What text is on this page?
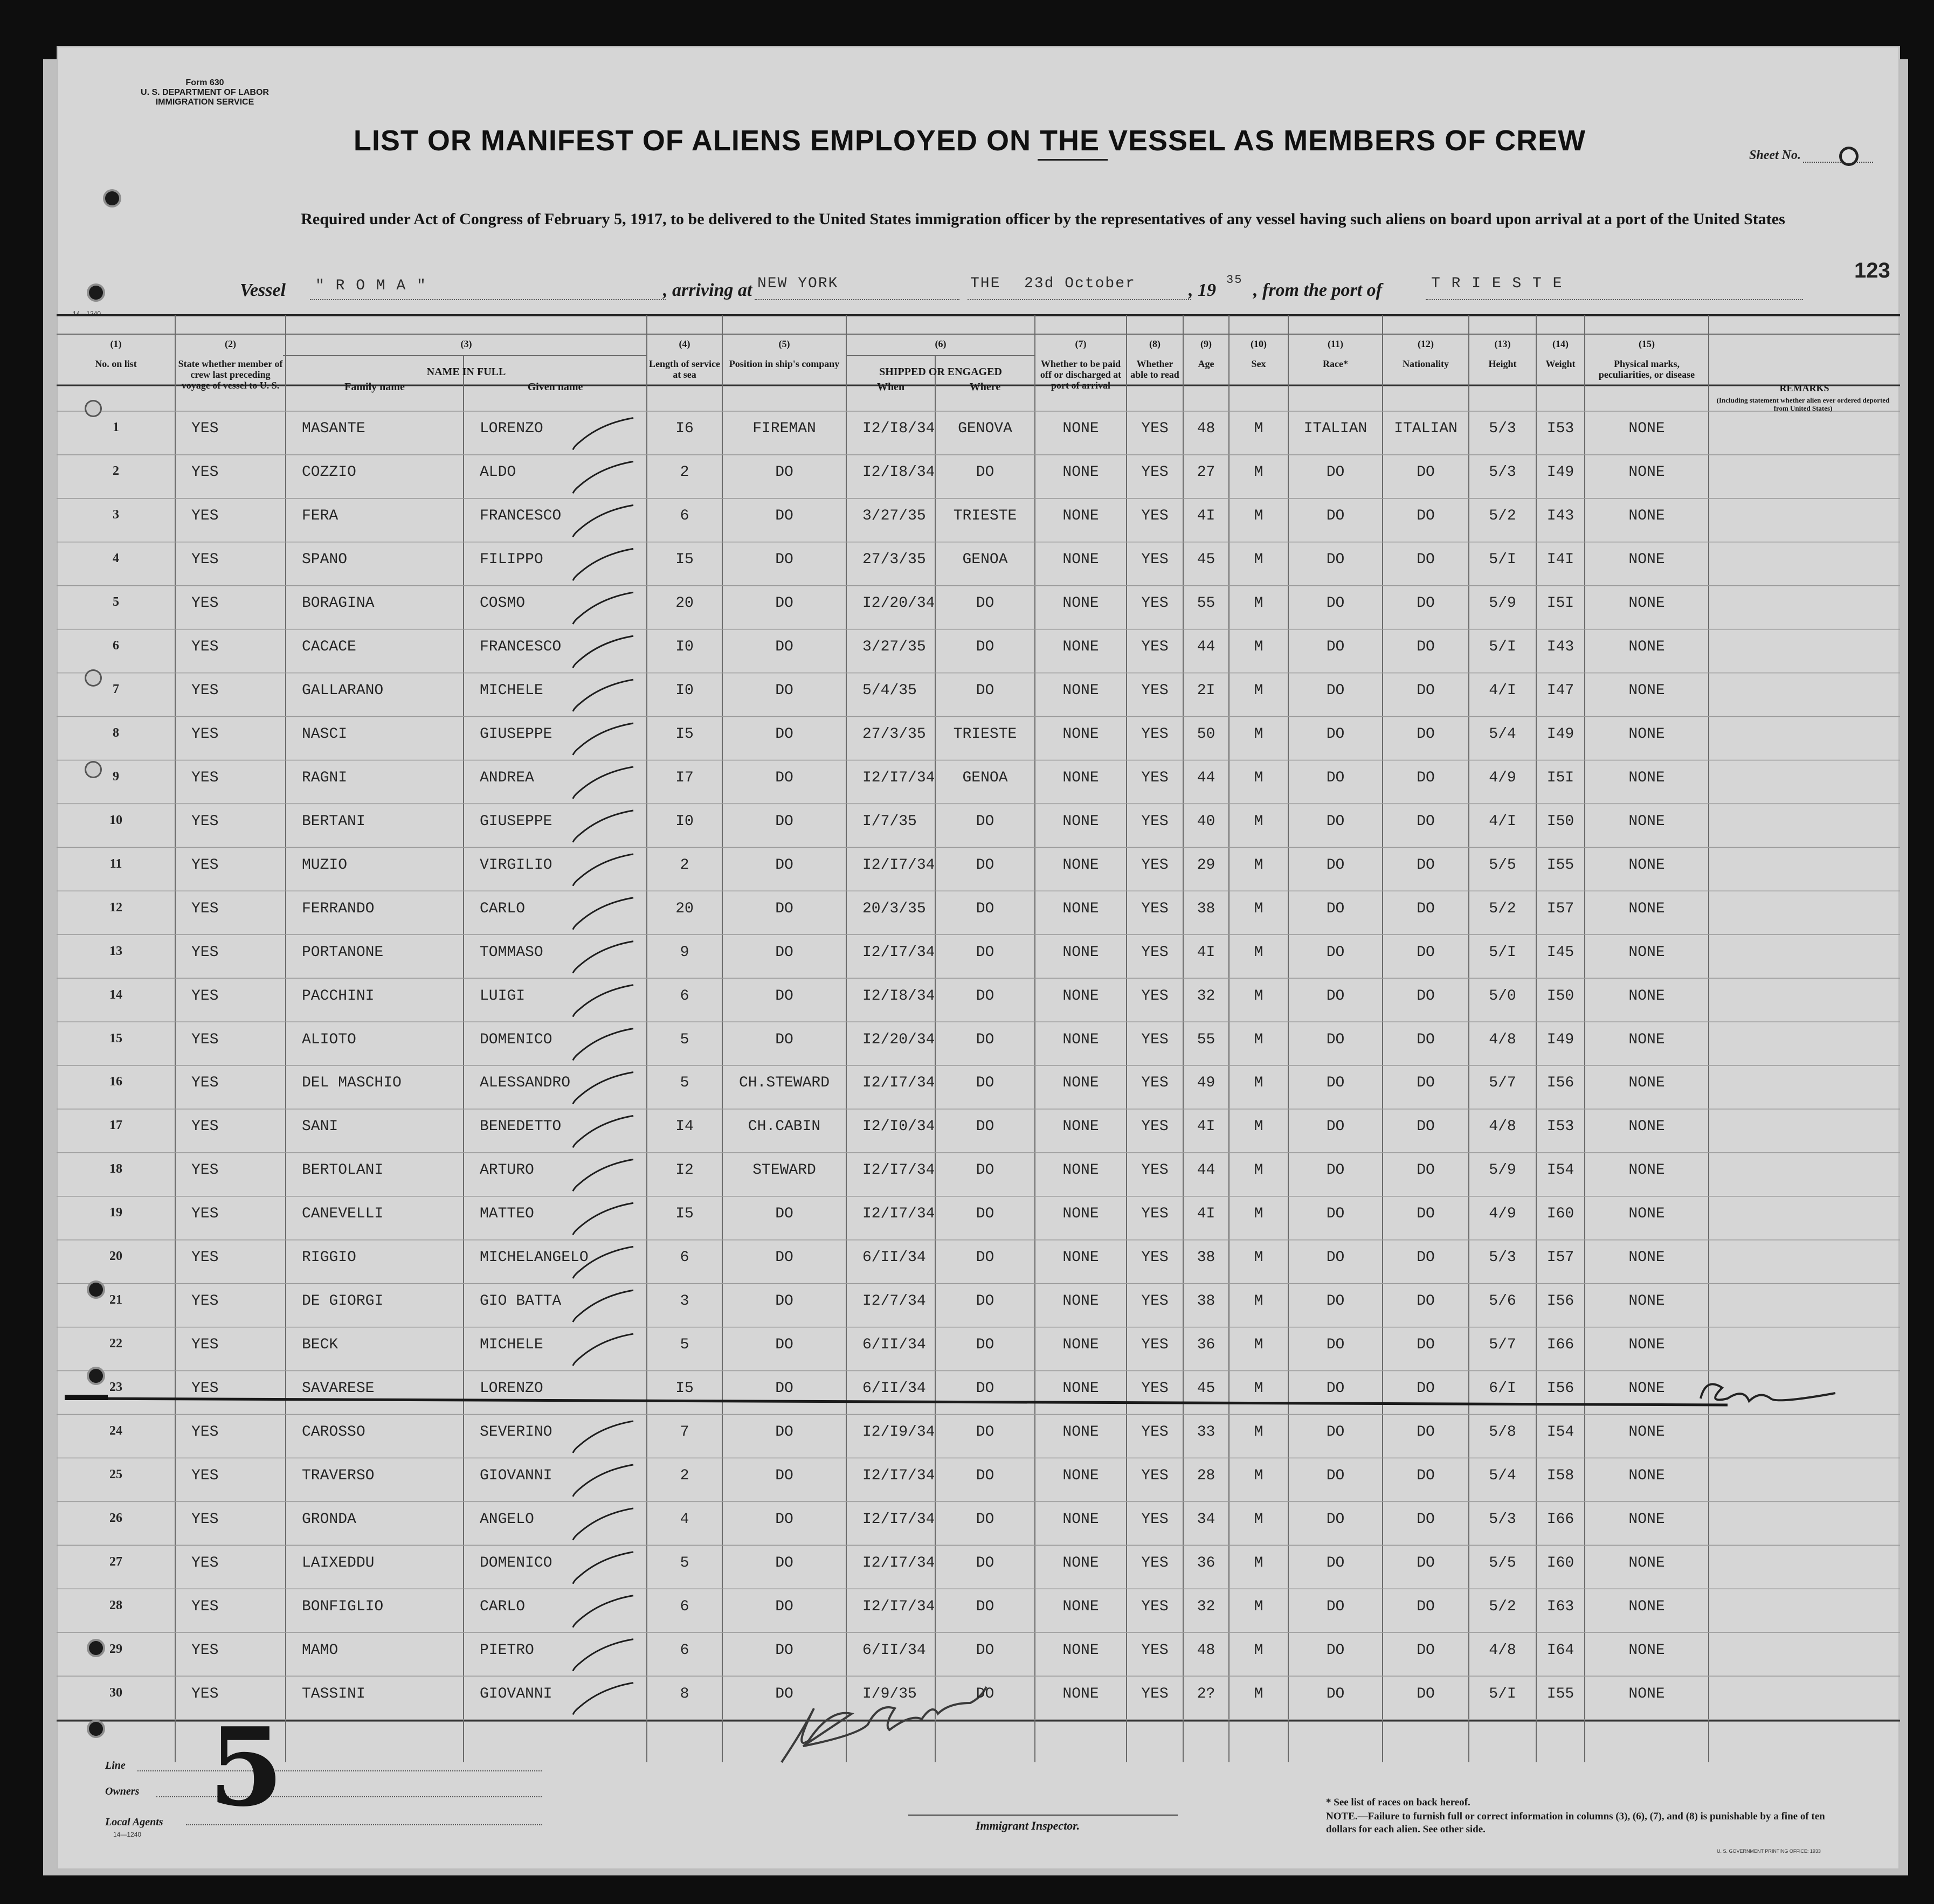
Form 630
U. S. DEPARTMENT OF LABOR
IMMIGRATION SERVICE
LIST OR MANIFEST OF ALIENS EMPLOYED ON THE VESSEL AS MEMBERS OF CREW
Required under Act of Congress of February 5, 1917, to be delivered to the United States immigration officer by the representatives of any vessel having such aliens on board upon arrival at a port of the United States
Sheet No.
123
Vessel " R O M A "	, arriving at NEW YORK	THE 23d October	, 19
35
, from the port of	T R I E S T E
14—1240
(1)
No. on list
(2)
State whether member of crew last preceding voyage of vessel to U. S.
(3)
NAME IN FULL
(4)
Length of service at sea
(5)
Position in ship's company
(6)
SHIPPED OR ENGAGED
(7)
Whether to be paid off or discharged at port of arrival
(8)
Whether able to read
(9)
Age
(10)
Sex
(11)
Race*
(12)
Nationality
(13)
Height
(14)
Weight
(15)
Physical marks, peculiarities, or disease
REMARKS
Family name	Given name	When	Where
(Including statement whether alien ever ordered deported from United States)
1	YES	MASANTE	LORENZO	I6	FIREMAN	I2/I8/34	GENOVA	NONE	YES	48	M	ITALIAN	ITALIAN	5/3	I53	NONE
2	YES	COZZIO	ALDO	2	DO	I2/I8/34	DO	NONE	YES	27	M	DO	DO	5/3	I49	NONE
3	YES	FERA	FRANCESCO	6	DO	3/27/35	TRIESTE	NONE	YES	4I	M	DO	DO	5/2	I43	NONE
4	YES	SPANO	FILIPPO	I5	DO	27/3/35	GENOA	NONE	YES	45	M	DO	DO	5/I	I4I	NONE
5	YES	BORAGINA	COSMO	20	DO	I2/20/34	DO	NONE	YES	55	M	DO	DO	5/9	I5I	NONE
6	YES	CACACE	FRANCESCO	I0	DO	3/27/35	DO	NONE	YES	44	M	DO	DO	5/I	I43	NONE
7	YES	GALLARANO	MICHELE	I0	DO	5/4/35	DO	NONE	YES	2I	M	DO	DO	4/I	I47	NONE
8	YES	NASCI	GIUSEPPE	I5	DO	27/3/35	TRIESTE	NONE	YES	50	M	DO	DO	5/4	I49	NONE
9	YES	RAGNI	ANDREA	I7	DO	I2/I7/34	GENOA	NONE	YES	44	M	DO	DO	4/9	I5I	NONE
10	YES	BERTANI	GIUSEPPE	I0	DO	I/7/35	DO	NONE	YES	40	M	DO	DO	4/I	I50	NONE
11	YES	MUZIO	VIRGILIO	2	DO	I2/I7/34	DO	NONE	YES	29	M	DO	DO	5/5	I55	NONE
12	YES	FERRANDO	CARLO	20	DO	20/3/35	DO	NONE	YES	38	M	DO	DO	5/2	I57	NONE
13	YES	PORTANONE	TOMMASO	9	DO	I2/I7/34	DO	NONE	YES	4I	M	DO	DO	5/I	I45	NONE
14	YES	PACCHINI	LUIGI	6	DO	I2/I8/34	DO	NONE	YES	32	M	DO	DO	5/0	I50	NONE
15	YES	ALIOTO	DOMENICO	5	DO	I2/20/34	DO	NONE	YES	55	M	DO	DO	4/8	I49	NONE
16	YES	DEL MASCHIO	ALESSANDRO	5	CH.STEWARD	I2/I7/34	DO	NONE	YES	49	M	DO	DO	5/7	I56	NONE
17	YES	SANI	BENEDETTO	I4	CH.CABIN	I2/I0/34	DO	NONE	YES	4I	M	DO	DO	4/8	I53	NONE
18	YES	BERTOLANI	ARTURO	I2	STEWARD	I2/I7/34	DO	NONE	YES	44	M	DO	DO	5/9	I54	NONE
19	YES	CANEVELLI	MATTEO	I5	DO	I2/I7/34	DO	NONE	YES	4I	M	DO	DO	4/9	I60	NONE
20	YES	RIGGIO	MICHELANGELO	6	DO	6/II/34	DO	NONE	YES	38	M	DO	DO	5/3	I57	NONE
21	YES	DE GIORGI	GIO BATTA	3	DO	I2/7/34	DO	NONE	YES	38	M	DO	DO	5/6	I56	NONE
22	YES	BECK	MICHELE	5	DO	6/II/34	DO	NONE	YES	36	M	DO	DO	5/7	I66	NONE
23	YES	SAVARESE	LORENZO	I5	DO	6/II/34	DO	NONE	YES	45	M	DO	DO	6/I	I56	NONE
24	YES	CAROSSO	SEVERINO	7	DO	I2/I9/34	DO	NONE	YES	33	M	DO	DO	5/8	I54	NONE
25	YES	TRAVERSO	GIOVANNI	2	DO	I2/I7/34	DO	NONE	YES	28	M	DO	DO	5/4	I58	NONE
26	YES	GRONDA	ANGELO	4	DO	I2/I7/34	DO	NONE	YES	34	M	DO	DO	5/3	I66	NONE
27	YES	LAIXEDDU	DOMENICO	5	DO	I2/I7/34	DO	NONE	YES	36	M	DO	DO	5/5	I60	NONE
28	YES	BONFIGLIO	CARLO	6	DO	I2/I7/34	DO	NONE	YES	32	M	DO	DO	5/2	I63	NONE
29	YES	MAMO	PIETRO	6	DO	6/II/34	DO	NONE	YES	48	M	DO	DO	4/8	I64	NONE
30	YES	TASSINI	GIOVANNI	8	DO	I/9/35	DO	NONE	YES	2?	M	DO	DO	5/I	I55	NONE
Line
Owners
Local Agents
14—1240
5	Immigrant Inspector.
* See list of races on back hereof.
NOTE.—Failure to furnish full or correct information in columns (3), (6), (7), and (8) is punishable by a fine of ten dollars for each alien. See other side.
U. S. GOVERNMENT PRINTING OFFICE: 1933
